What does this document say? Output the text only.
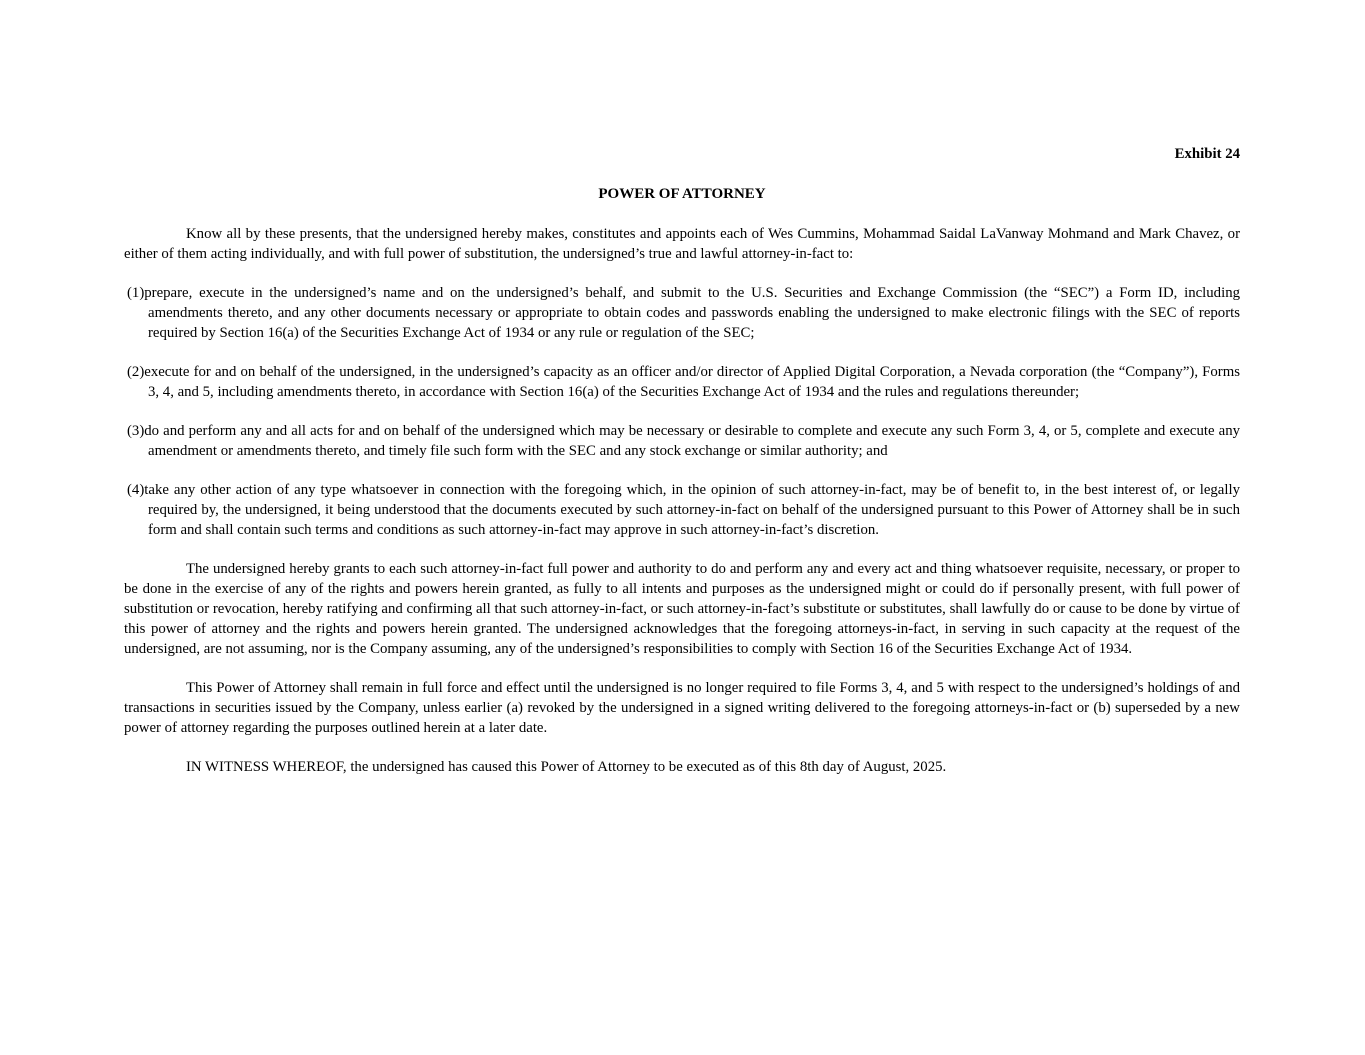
Exhibit 24

POWER OF ATTORNEY

Know all by these presents, that the undersigned hereby makes, constitutes and appoints each of Wes Cummins, Mohammad Saidal LaVanway Mohmand and Mark Chavez, or either of them acting individually, and with full power of substitution, the undersigned’s true and lawful attorney-in-fact to:

(1)prepare, execute in the undersigned’s name and on the undersigned’s behalf, and submit to the U.S. Securities and Exchange Commission (the “SEC”) a Form ID, including amendments thereto, and any other documents necessary or appropriate to obtain codes and passwords enabling the undersigned to make electronic filings with the SEC of reports required by Section 16(a) of the Securities Exchange Act of 1934 or any rule or regulation of the SEC;

(2)execute for and on behalf of the undersigned, in the undersigned’s capacity as an officer and/or director of Applied Digital Corporation, a Nevada corporation (the “Company”), Forms 3, 4, and 5, including amendments thereto, in accordance with Section 16(a) of the Securities Exchange Act of 1934 and the rules and regulations thereunder;

(3)do and perform any and all acts for and on behalf of the undersigned which may be necessary or desirable to complete and execute any such Form 3, 4, or 5, complete and execute any amendment or amendments thereto, and timely file such form with the SEC and any stock exchange or similar authority; and

(4)take any other action of any type whatsoever in connection with the foregoing which, in the opinion of such attorney-in-fact, may be of benefit to, in the best interest of, or legally required by, the undersigned, it being understood that the documents executed by such attorney-in-fact on behalf of the undersigned pursuant to this Power of Attorney shall be in such form and shall contain such terms and conditions as such attorney-in-fact may approve in such attorney-in-fact’s discretion.

The undersigned hereby grants to each such attorney-in-fact full power and authority to do and perform any and every act and thing whatsoever requisite, necessary, or proper to be done in the exercise of any of the rights and powers herein granted, as fully to all intents and purposes as the undersigned might or could do if personally present, with full power of substitution or revocation, hereby ratifying and confirming all that such attorney-in-fact, or such attorney-in-fact’s substitute or substitutes, shall lawfully do or cause to be done by virtue of this power of attorney and the rights and powers herein granted. The undersigned acknowledges that the foregoing attorneys-in-fact, in serving in such capacity at the request of the undersigned, are not assuming, nor is the Company assuming, any of the undersigned’s responsibilities to comply with Section 16 of the Securities Exchange Act of 1934.

This Power of Attorney shall remain in full force and effect until the undersigned is no longer required to file Forms 3, 4, and 5 with respect to the undersigned’s holdings of and transactions in securities issued by the Company, unless earlier (a) revoked by the undersigned in a signed writing delivered to the foregoing attorneys-in-fact or (b) superseded by a new power of attorney regarding the purposes outlined herein at a later date.

IN WITNESS WHEREOF, the undersigned has caused this Power of Attorney to be executed as of this 8th day of August, 2025.
